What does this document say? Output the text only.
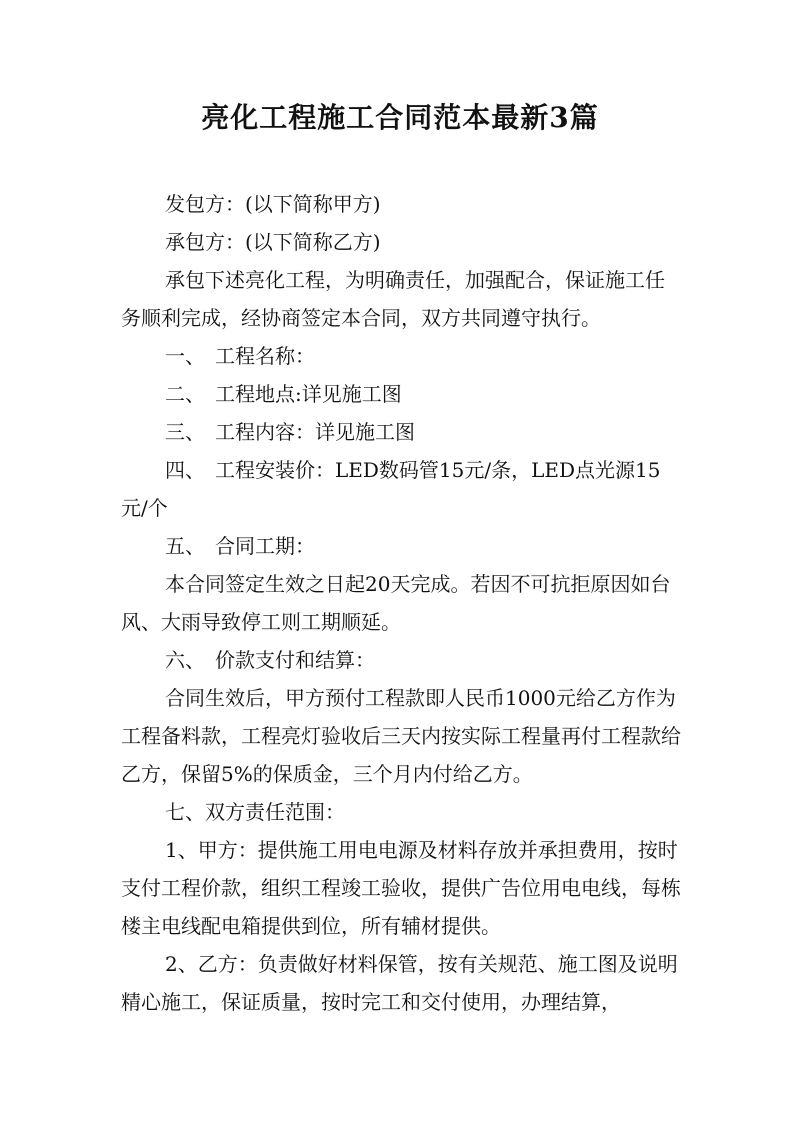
亮化工程施工合同范本最新3篇

发包方：(以下简称甲方)

承包方：(以下简称乙方)

承包下述亮化工程，为明确责任，加强配合，保证施工任务顺利完成，经协商签定本合同，双方共同遵守执行。

一、　工程名称：

二、　工程地点:详见施工图

三、　工程内容：详见施工图

四、　工程安装价：LED数码管15元/条，LED点光源15元/个

五、　合同工期：

本合同签定生效之日起20天完成。若因不可抗拒原因如台风、大雨导致停工则工期顺延。

六、　价款支付和结算：

合同生效后，甲方预付工程款即人民币1000元给乙方作为工程备料款，工程亮灯验收后三天内按实际工程量再付工程款给乙方，保留5%的保质金，三个月内付给乙方。

七、双方责任范围：

1、甲方：提供施工用电电源及材料存放并承担费用，按时支付工程价款，组织工程竣工验收，提供广告位用电电线，每栋楼主电线配电箱提供到位，所有辅材提供。

2、乙方：负责做好材料保管，按有关规范、施工图及说明精心施工，保证质量，按时完工和交付使用，办理结算，
